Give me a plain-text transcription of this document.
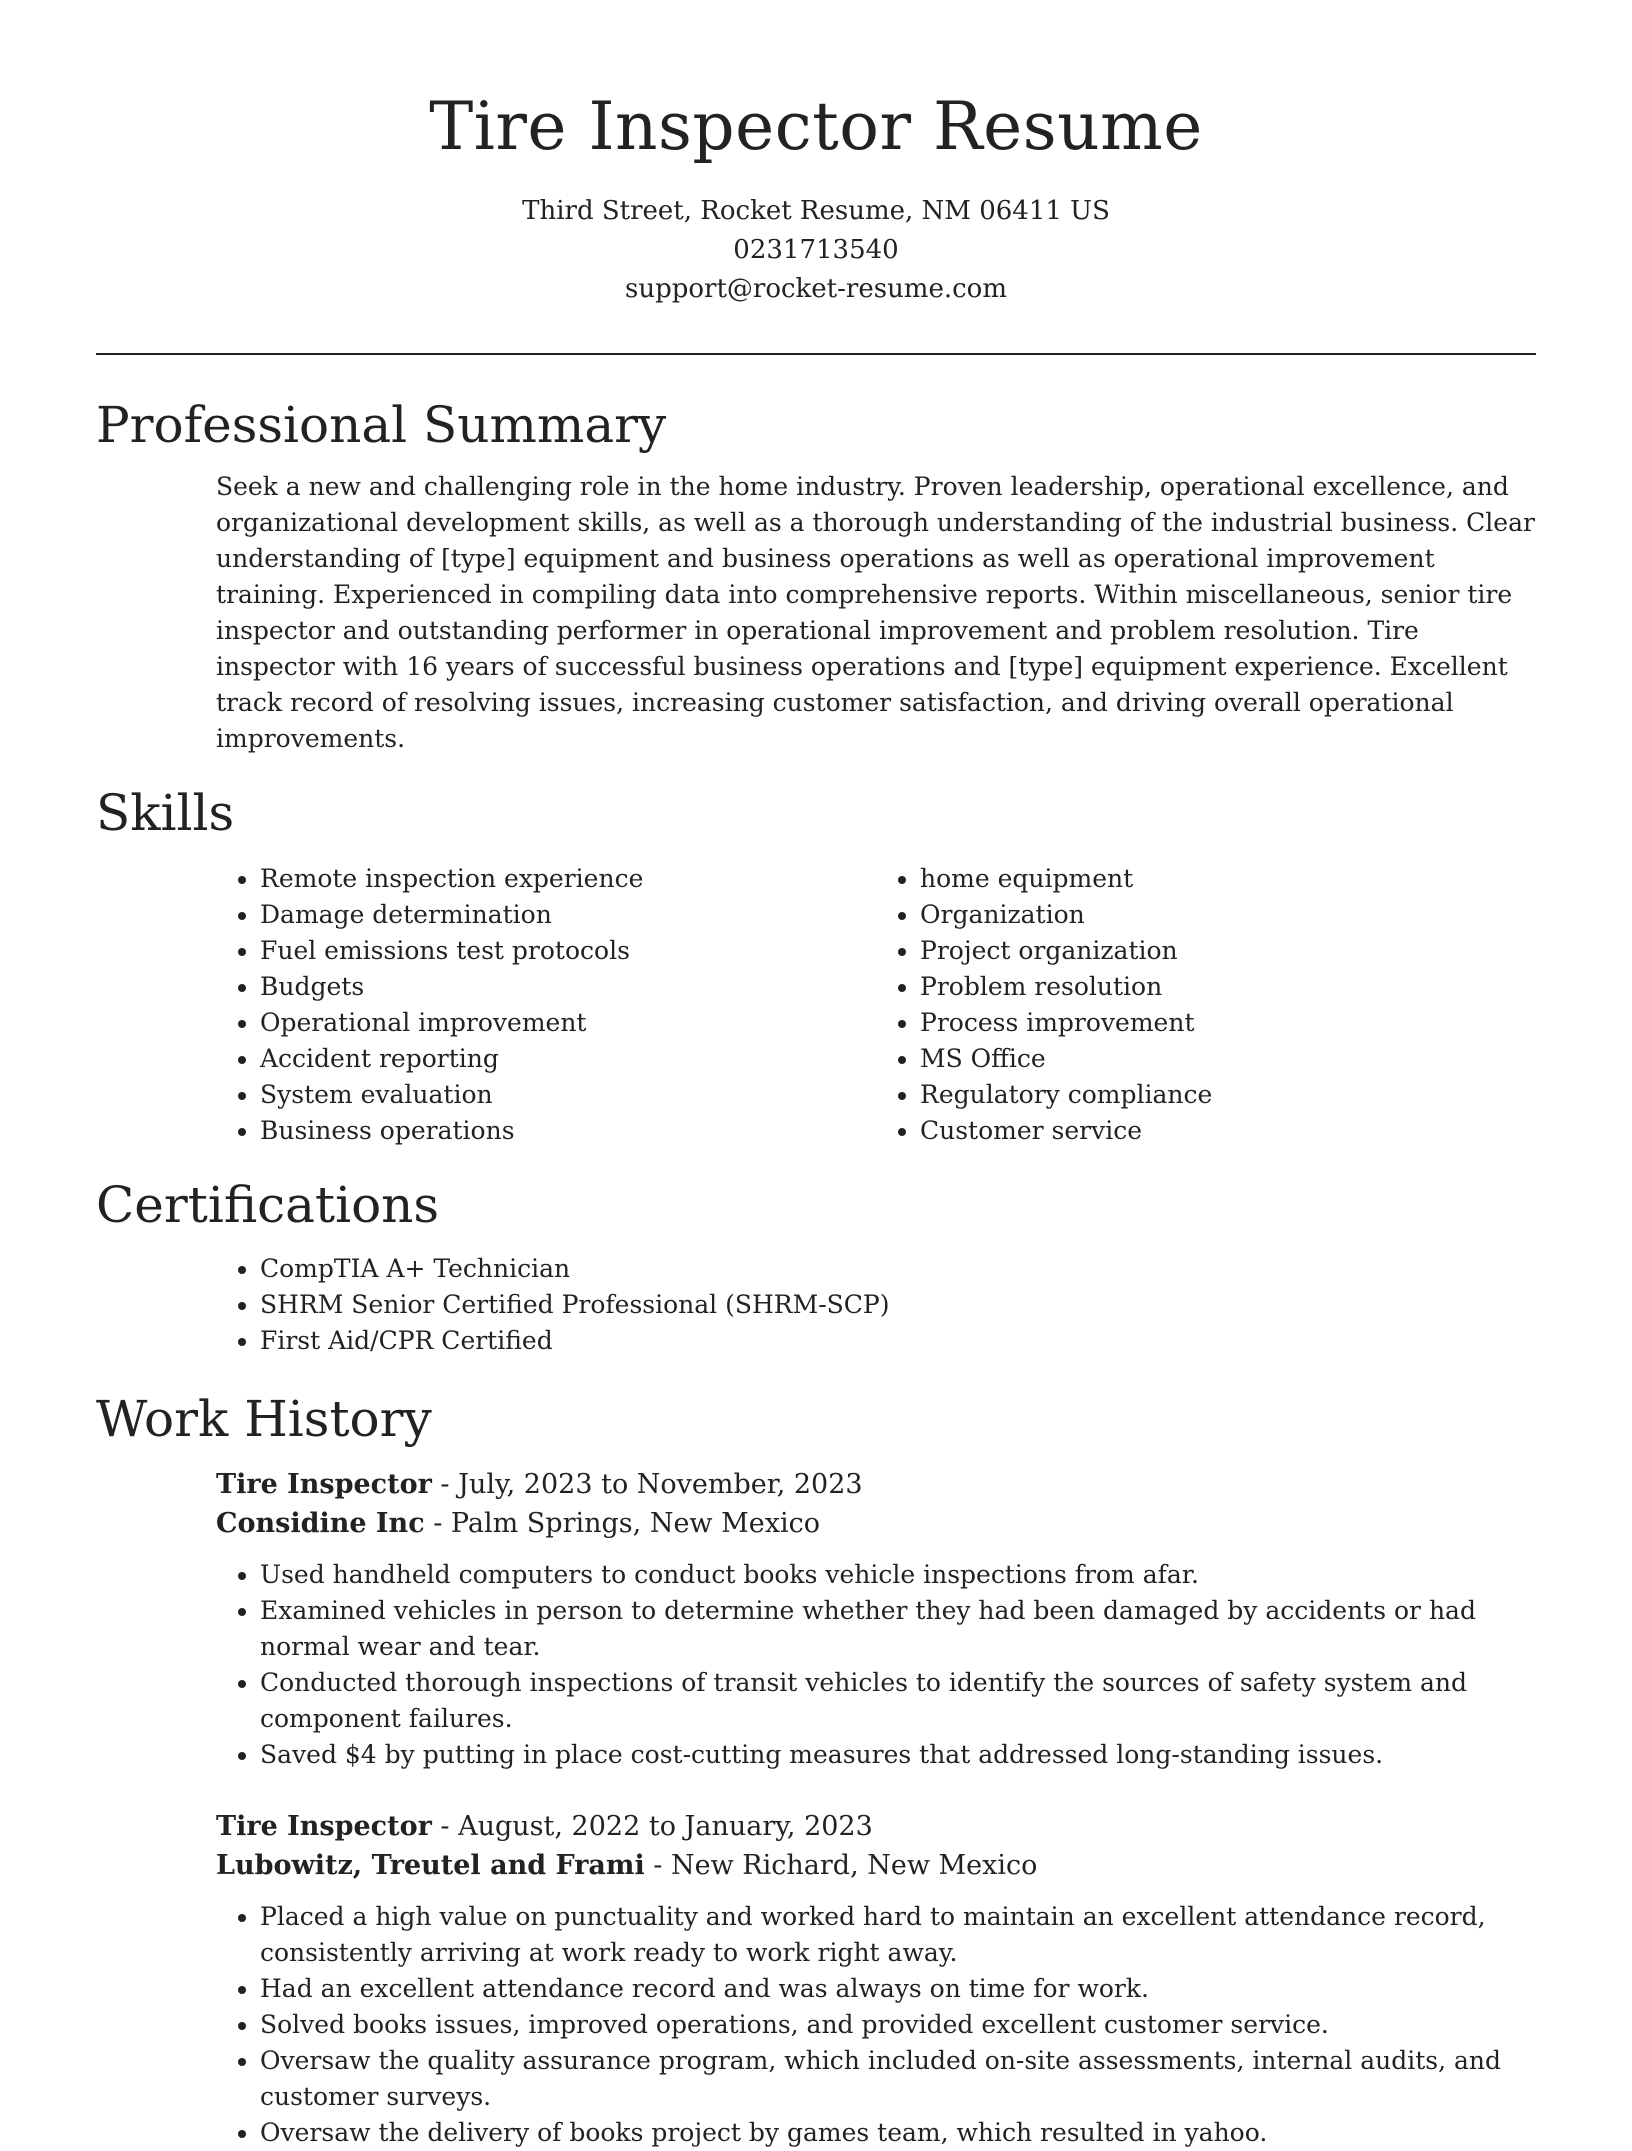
Tire Inspector Resume

Third Street, Rocket Resume, NM 06411 US

0231713540

support@rocket-resume.com

Professional Summary

Seek a new and challenging role in the home industry. Proven leadership, operational excellence, and organizational development skills, as well as a thorough understanding of the industrial business. Clear understanding of [type] equipment and business operations as well as operational improvement training. Experienced in compiling data into comprehensive reports. Within miscellaneous, senior tire inspector and outstanding performer in operational improvement and problem resolution. Tire inspector with 16 years of successful business operations and [type] equipment experience. Excellent track record of resolving issues, increasing customer satisfaction, and driving overall operational improvements.

Skills
• Remote inspection experience
• Damage determination
• Fuel emissions test protocols
• Budgets
• Operational improvement
• Accident reporting
• System evaluation
• Business operations
• home equipment
• Organization
• Project organization
• Problem resolution
• Process improvement
• MS Office
• Regulatory compliance
• Customer service
Certifications
• CompTIA A+ Technician
• SHRM Senior Certified Professional (SHRM-SCP)
• First Aid/CPR Certified
Work History

Tire Inspector - July, 2023 to November, 2023

Considine Inc - Palm Springs, New Mexico

• Used handheld computers to conduct books vehicle inspections from afar.
• Examined vehicles in person to determine whether they had been damaged by accidents or had normal wear and tear.
• Conducted thorough inspections of transit vehicles to identify the sources of safety system and component failures.
• Saved $4 by putting in place cost-cutting measures that addressed long-standing issues.

Tire Inspector - August, 2022 to January, 2023

Lubowitz, Treutel and Frami - New Richard, New Mexico

• Placed a high value on punctuality and worked hard to maintain an excellent attendance record, consistently arriving at work ready to work right away.
• Had an excellent attendance record and was always on time for work.
• Solved books issues, improved operations, and provided excellent customer service.
• Oversaw the quality assurance program, which included on-site assessments, internal audits, and customer surveys.
• Oversaw the delivery of books project by games team, which resulted in yahoo.
